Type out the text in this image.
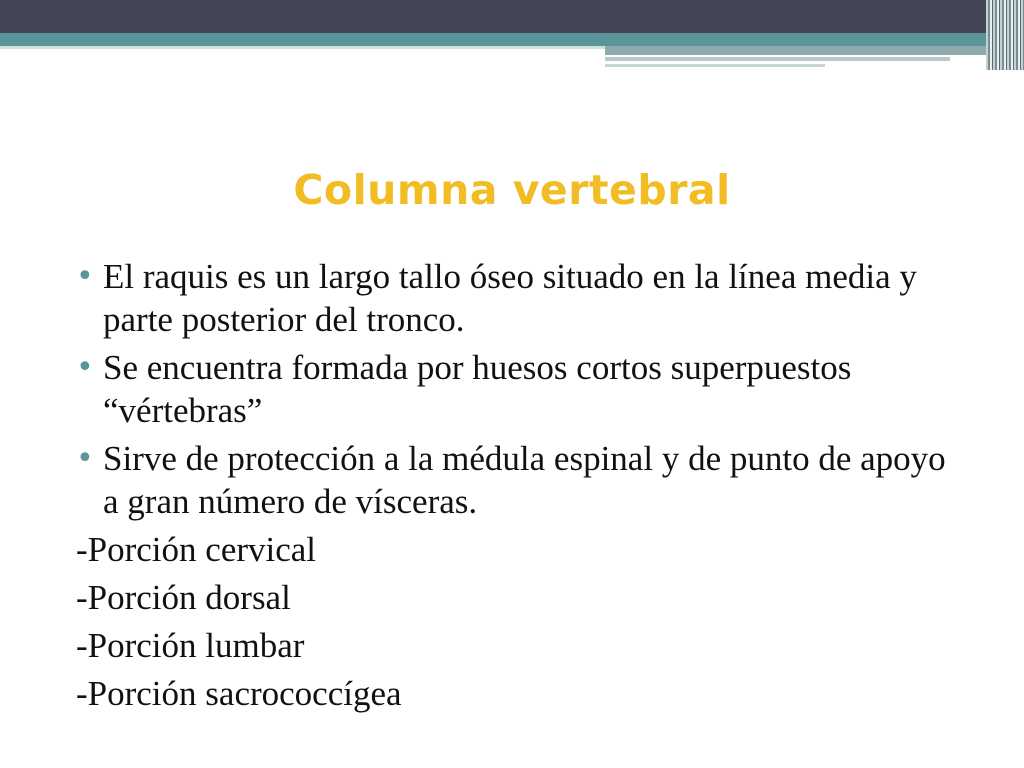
Columna vertebral
• El raquis es un largo tallo óseo situado en la línea media y parte posterior del tronco.
• Se encuentra formada por huesos cortos superpuestos “vértebras”
• Sirve de protección a la médula espinal y de punto de apoyo a gran número de vísceras.
-Porción cervical
-Porción dorsal
-Porción lumbar
-Porción sacrococcígea
